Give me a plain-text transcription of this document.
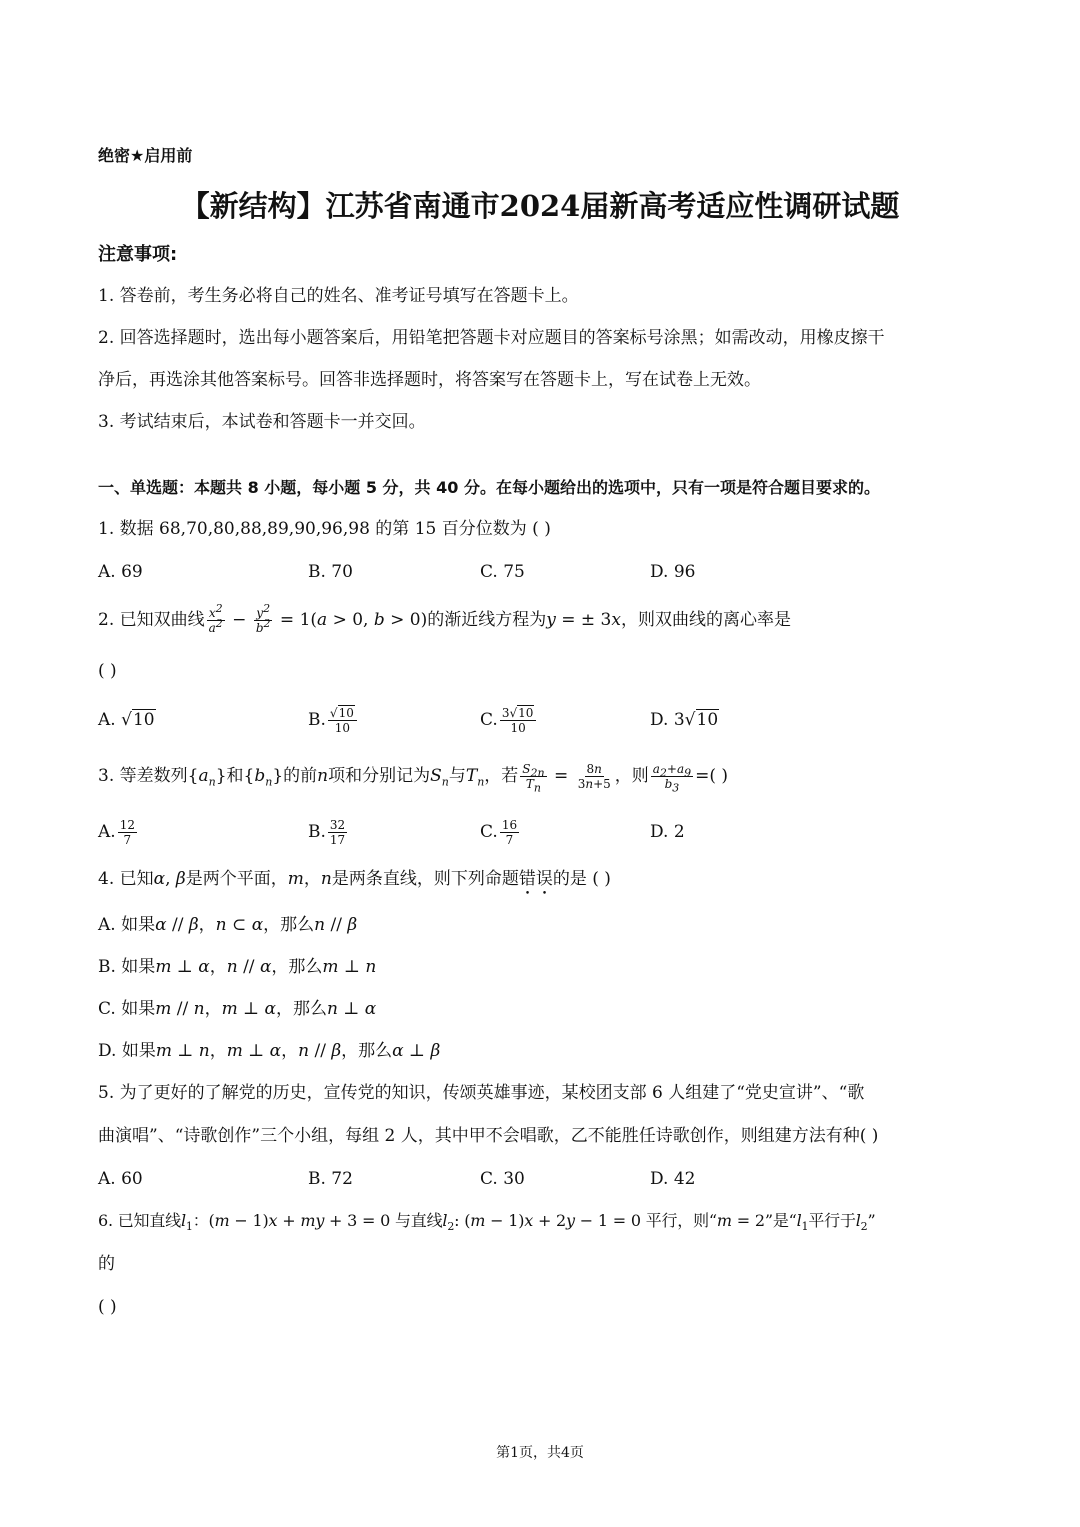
绝密★启用前
【新结构】江苏省南通市2024届新高考适应性调研试题
注意事项:
1. 答卷前，考生务必将自己的姓名、准考证号填写在答题卡上。
2. 回答选择题时，选出每小题答案后，用铅笔把答题卡对应题目的答案标号涂黑；如需改动，用橡皮擦干
净后，再选涂其他答案标号。回答非选择题时，将答案写在答题卡上，写在试卷上无效。
3. 考试结束后，本试卷和答题卡一并交回。
一、单选题：本题共 8 小题，每小题 5 分，共 40 分。在每小题给出的选项中，只有一项是符合题目要求的。
1. 数据 68,70,80,88,89,90,96,98 的第 15 百分位数为 ( )
A. 69	B. 70	C. 75	D. 96
2. 已知双曲线 $\frac{x^2}{a^2} - \frac{y^2}{b^2} = 1(a > 0$, b > 0) 的渐近线方程为 y = ± 3x ，则双曲线的离心率是
( )
A. √10	B. $\frac{√10}{10}$	C. $\frac{3√10}{10}$	D. 3√10
3. 等差数列 $\{a_n\}$ 和 $\{b_n\}$ 的前 n 项和分别记为 $S_n$ 与 $T_n$ ，若 $\frac{S_{2n}}{T_n} = \frac{8n}{3n+5}$ ，则 $\frac{a_2+a_9}{b_3}$ =( )
A. $\frac{12}{7}$	B. $\frac{32}{17}$	C. $\frac{16}{7}$	D. 2
4. 已知α, β是两个平面，m，n是两条直线，则下列命题错误的是 ( )
A. 如果α // β，n ⊂ α，那么n // β
B. 如果m ⊥ α，n // α，那么m ⊥ n
C. 如果m // n，m ⊥ α，那么n ⊥ α
D. 如果m ⊥ n，m ⊥ α，n // β，那么α ⊥ β
5. 为了更好的了解党的历史，宣传党的知识，传颂英雄事迹，某校团支部 6 人组建了“党史宣讲”、“歌
曲演唱”、“诗歌创作”三个小组，每组 2 人，其中甲不会唱歌，乙不能胜任诗歌创作，则组建方法有种( )
A. 60	B. 72	C. 30	D. 42
6. 已知直线$l_1$：(m − 1)x + my + 3 = 0 与直线$l_2$: (m − 1)x + 2y − 1 = 0 平行，则“m = 2”是“$l_1$平行于$l_2$”
的
( )
第1页，共4页
